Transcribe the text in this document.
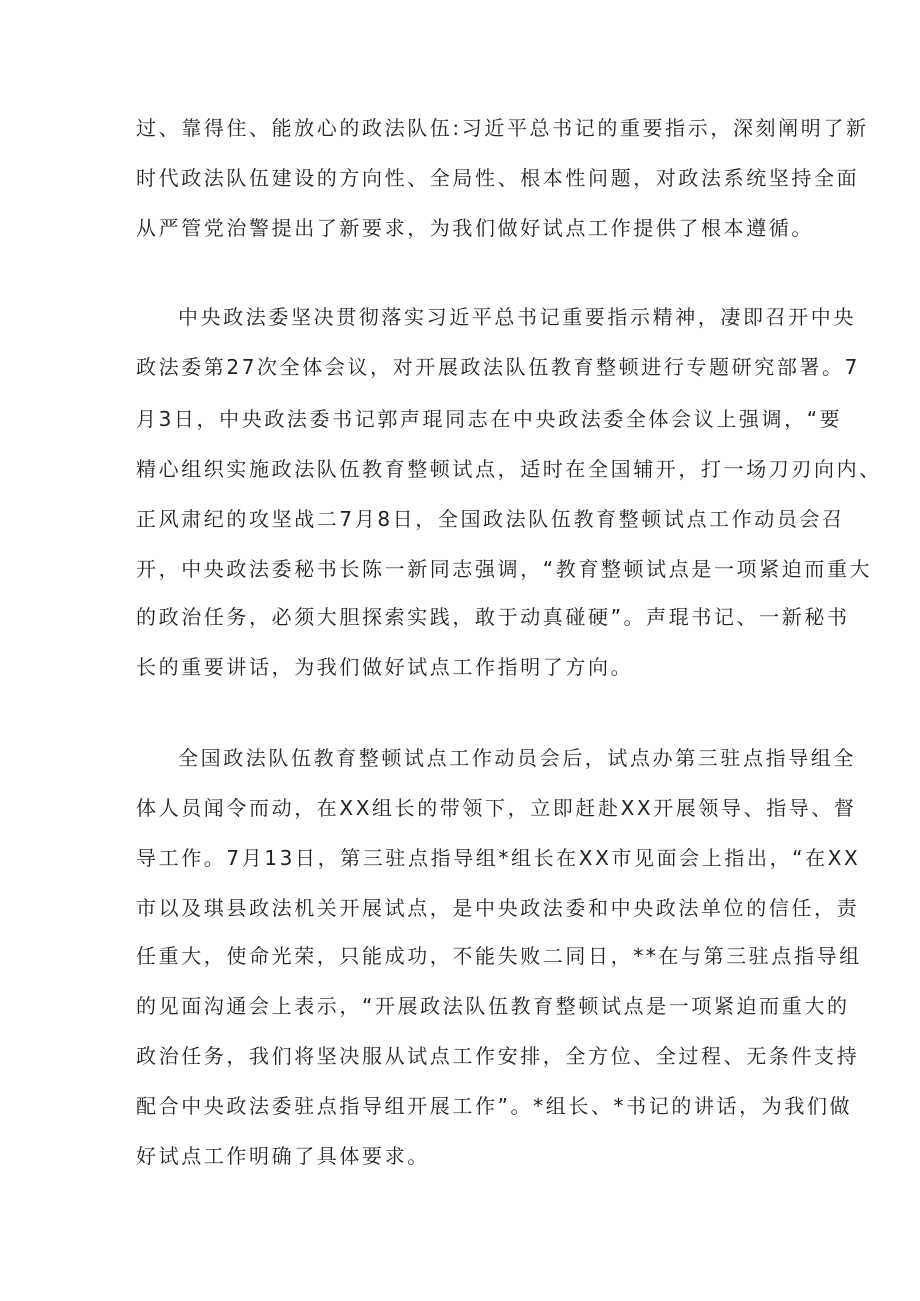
过、靠得住、能放心的政法队伍:习近平总书记的重要指示，深刻阐明了新
时代政法队伍建设的方向性、全局性、根本性问题，对政法系统坚持全面
从严管党治警提出了新要求，为我们做好试点工作提供了根本遵循。
中央政法委坚决贯彻落实习近平总书记重要指示精神，凄即召开中央
政法委第27次全体会议，对开展政法队伍教育整顿进行专题研究部署。7
月3日，中央政法委书记郭声琨同志在中央政法委全体会议上强调，“要
精心组织实施政法队伍教育整顿试点，适时在全国辅开，打一场刀刃向内、
正风肃纪的攻坚战二7月8日，全国政法队伍教育整顿试点工作动员会召
开，中央政法委秘书长陈一新同志强调，“教育整顿试点是一项紧迫而重大
的政治任务，必须大胆探索实践，敢于动真碰硬”。声琨书记、一新秘书
长的重要讲话，为我们做好试点工作指明了方向。
全国政法队伍教育整顿试点工作动员会后，试点办第三驻点指导组全
体人员闻令而动，在XX组长的带领下，立即赶赴XX开展领导、指导、督
导工作。7月13日，第三驻点指导组*组长在XX市见面会上指出，“在XX
市以及琪县政法机关开展试点，是中央政法委和中央政法单位的信任，责
任重大，使命光荣，只能成功，不能失败二同日，**在与第三驻点指导组
的见面沟通会上表示，“开展政法队伍教育整顿试点是一项紧迫而重大的
政治任务，我们将坚决服从试点工作安排，全方位、全过程、无条件支持
配合中央政法委驻点指导组开展工作”。*组长、*书记的讲话，为我们做
好试点工作明确了具体要求。
